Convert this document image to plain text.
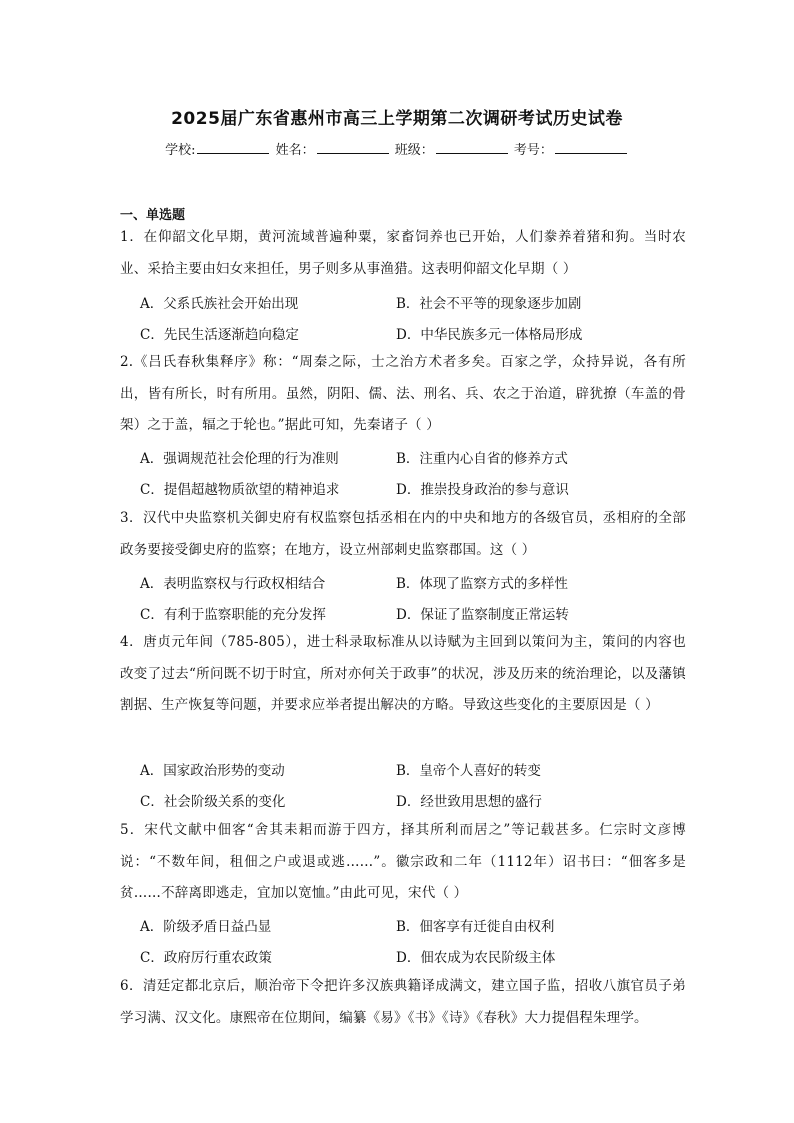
2025届广东省惠州市高三上学期第二次调研考试历史试卷
学校:	姓名：	班级：	考号：
一、单选题
1．在仰韶文化早期，黄河流域普遍种粟，家畜饲养也已开始，人们豢养着猪和狗。当时农业、采拾主要由妇女来担任，男子则多从事渔猎。这表明仰韶文化早期（ ）
A．父系氏族社会开始出现	B．社会不平等的现象逐步加剧
C．先民生活逐渐趋向稳定	D．中华民族多元一体格局形成
2.《吕氏春秋集释序》称：“周秦之际，士之治方术者多矣。百家之学，众持异说，各有所出，皆有所长，时有所用。虽然，阴阳、儒、法、刑名、兵、农之于治道，辟犹撩（车盖的骨架）之于盖，辐之于轮也。”据此可知，先秦诸子（ ）
A．强调规范社会伦理的行为准则	B．注重内心自省的修养方式
C．提倡超越物质欲望的精神追求	D．推崇投身政治的参与意识
3．汉代中央监察机关御史府有权监察包括丞相在内的中央和地方的各级官员，丞相府的全部政务要接受御史府的监察；在地方，设立州部刺史监察郡国。这（ ）
A．表明监察权与行政权相结合	B．体现了监察方式的多样性
C．有利于监察职能的充分发挥	D．保证了监察制度正常运转
4．唐贞元年间（785-805），进士科录取标准从以诗赋为主回到以策问为主，策问的内容也改变了过去“所问既不切于时宜，所对亦何关于政事”的状况，涉及历来的统治理论，以及藩镇割据、生产恢复等问题，并要求应举者提出解决的方略。导致这些变化的主要原因是（ ）
A．国家政治形势的变动	B．皇帝个人喜好的转变
C．社会阶级关系的变化	D．经世致用思想的盛行
5．宋代文献中佃客“舍其耒耜而游于四方，择其所利而居之”等记载甚多。仁宗时文彦博说：“不数年间，租佃之户或退或逃……”。徽宗政和二年（1112年）诏书曰：“佃客多是贫……不辞离即逃走，宜加以宽恤。”由此可见，宋代（ ）
A．阶级矛盾日益凸显	B．佃客享有迁徙自由权利
C．政府厉行重农政策	D．佃农成为农民阶级主体
6．清廷定都北京后，顺治帝下令把许多汉族典籍译成满文，建立国子监，招收八旗官员子弟学习满、汉文化。康熙帝在位期间，编纂《易》《书》《诗》《春秋》大力提倡程朱理学。
